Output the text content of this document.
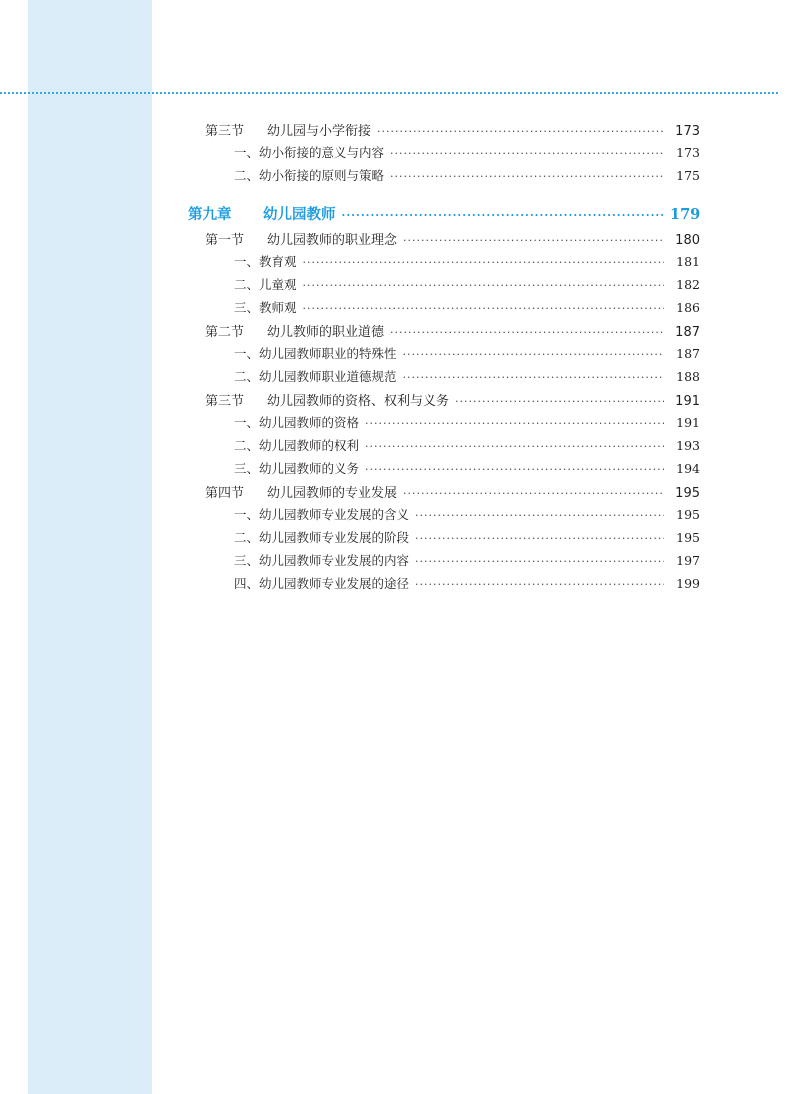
第三节 幼儿园与小学衔接 ·····	173
一、幼小衔接的意义与内容 ·····	173
二、幼小衔接的原则与策略 ·····	175
第九章 幼儿园教师 ·····	179
第一节 幼儿园教师的职业理念 ·····	180
一、教育观 ·····	181
二、儿童观 ·····	182
三、教师观 ·····	186
第二节 幼儿教师的职业道德 ·····	187
一、幼儿园教师职业的特殊性 ·····	187
二、幼儿园教师职业道德规范 ·····	188
第三节 幼儿园教师的资格、权利与义务 ·····	191
一、幼儿园教师的资格 ·····	191
二、幼儿园教师的权利 ·····	193
三、幼儿园教师的义务 ·····	194
第四节 幼儿园教师的专业发展 ·····	195
一、幼儿园教师专业发展的含义 ·····	195
二、幼儿园教师专业发展的阶段 ·····	195
三、幼儿园教师专业发展的内容 ·····	197
四、幼儿园教师专业发展的途径 ·····	199
